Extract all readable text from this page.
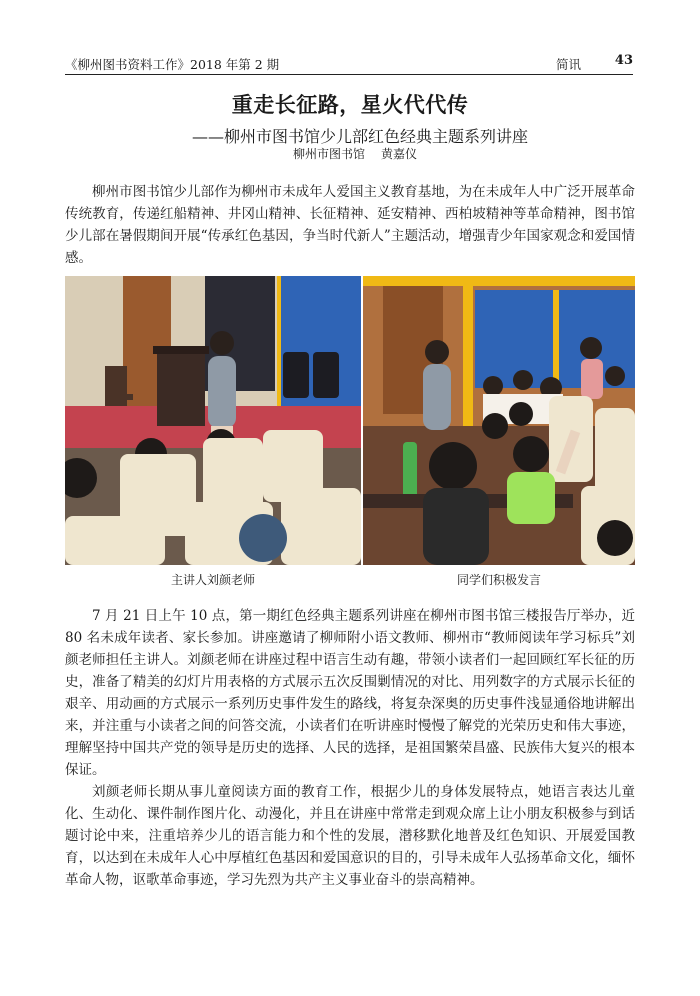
《柳州图书资料工作》2018 年第 2 期	简讯	43
重走长征路，星火代代传
——柳州市图书馆少儿部红色经典主题系列讲座
柳州市图书馆 黄嘉仪

柳州市图书馆少儿部作为柳州市未成年人爱国主义教育基地，为在未成年人中广泛开展革命传统教育，传递红船精神、井冈山精神、长征精神、延安精神、西柏坡精神等革命精神，图书馆少儿部在暑假期间开展“传承红色基因，争当时代新人”主题活动，增强青少年国家观念和爱国情感。

主讲人刘颜老师	同学们积极发言

7 月 21 日上午 10 点，第一期红色经典主题系列讲座在柳州市图书馆三楼报告厅举办，近 80 名未成年读者、家长参加。讲座邀请了柳师附小语文教师、柳州市“教师阅读年学习标兵”刘颜老师担任主讲人。刘颜老师在讲座过程中语言生动有趣，带领小读者们一起回顾红军长征的历史，准备了精美的幻灯片用表格的方式展示五次反围剿情况的对比、用列数字的方式展示长征的艰辛、用动画的方式展示一系列历史事件发生的路线，将复杂深奥的历史事件浅显通俗地讲解出来，并注重与小读者之间的问答交流，小读者们在听讲座时慢慢了解党的光荣历史和伟大事迹，理解坚持中国共产党的领导是历史的选择、人民的选择，是祖国繁荣昌盛、民族伟大复兴的根本保证。

刘颜老师长期从事儿童阅读方面的教育工作，根据少儿的身体发展特点，她语言表达儿童化、生动化、课件制作图片化、动漫化，并且在讲座中常常走到观众席上让小朋友积极参与到话题讨论中来，注重培养少儿的语言能力和个性的发展，潜移默化地普及红色知识、开展爱国教育，以达到在未成年人心中厚植红色基因和爱国意识的目的，引导未成年人弘扬革命文化，缅怀革命人物，讴歌革命事迹，学习先烈为共产主义事业奋斗的崇高精神。
